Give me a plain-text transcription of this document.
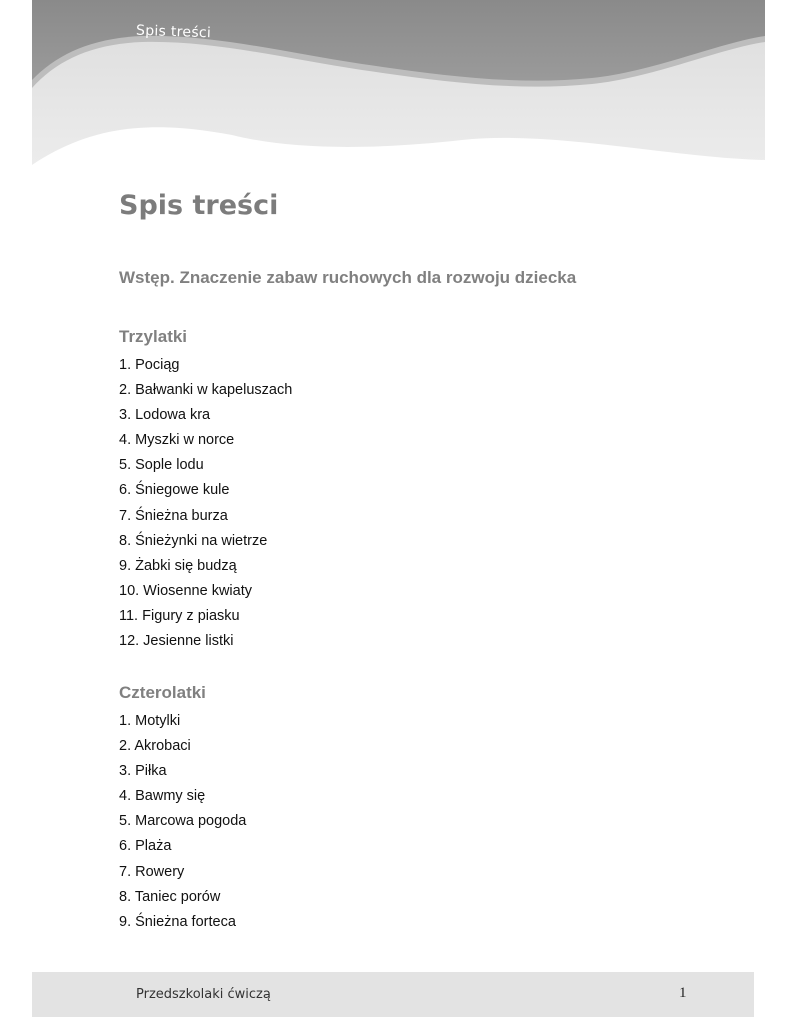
Spis treści
Spis treści
Wstęp. Znaczenie zabaw ruchowych dla rozwoju dziecka
Trzylatki
1. Pociąg
2. Bałwanki w kapeluszach
3. Lodowa kra
4. Myszki w norce
5. Sople lodu
6. Śniegowe kule
7. Śnieżna burza
8. Śnieżynki na wietrze
9. Żabki się budzą
10. Wiosenne kwiaty
11. Figury z piasku
12. Jesienne listki
Czterolatki
1. Motylki
2. Akrobaci
3. Piłka
4. Bawmy się
5. Marcowa pogoda
6. Plaża
7. Rowery
8. Taniec porów
9. Śnieżna forteca
Przedszkolaki ćwiczą	1
